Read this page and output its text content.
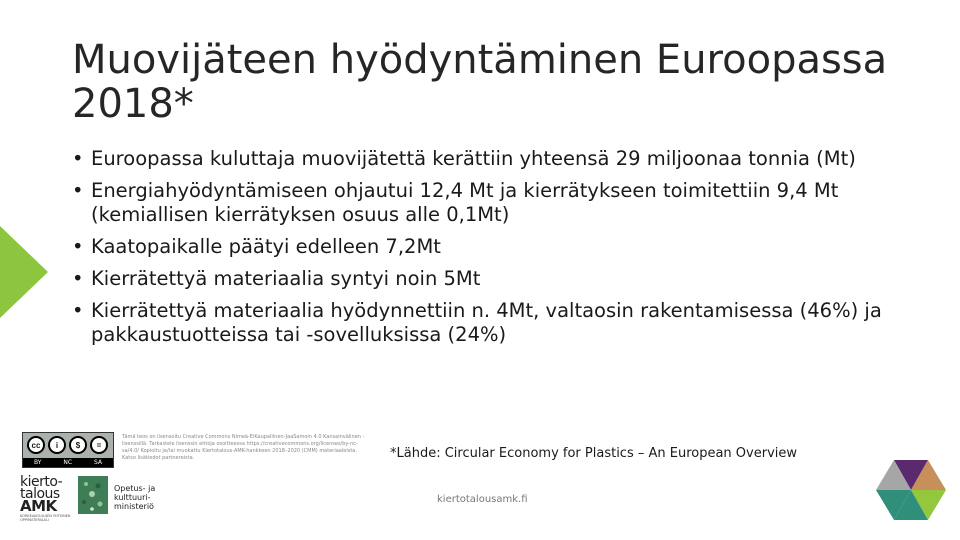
Muovijäteen hyödyntäminen Euroopassa 2018*
• Euroopassa kuluttaja muovijätettä kerättiin yhteensä 29 miljoonaa tonnia (Mt)
• Energiahyödyntämiseen ohjautui 12,4 Mt ja kierrätykseen toimitettiin 9,4 Mt (kemiallisen kierrätyksen osuus alle 0,1Mt)
• Kaatopaikalle päätyi edelleen 7,2Mt
• Kierrätettyä materiaalia syntyi noin 5Mt
• Kierrätettyä materiaalia hyödynnettiin n. 4Mt, valtaosin rakentamisessa (46%) ja pakkaustuotteissa tai -sovelluksissa (24%)
cc	i	$	=
BY	NC	SA
Tämä teos on lisensoitu Creative Commons Nimeä-EiKaupallinen-JaaSamoin 4.0 Kansainvälinen -lisenssillä. Tarkastele lisenssin ehtoja osoitteessa https://creativecommons.org/licenses/by-nc-sa/4.0/ Kopioitu ja/tai muokattu Kiertotalous-AMK-hankkeen 2018–2020 (CMM) materiaaleista. Katso lisätiedot partnereista.
kierto-
talous
AMK
KORKEAKOULUJEN YHTEINEN OPPIMATERIAALI
Opetus- ja
kulttuuri-
ministeriö
*Lähde: Circular Economy for Plastics – An European Overview
kiertotalousamk.fi
